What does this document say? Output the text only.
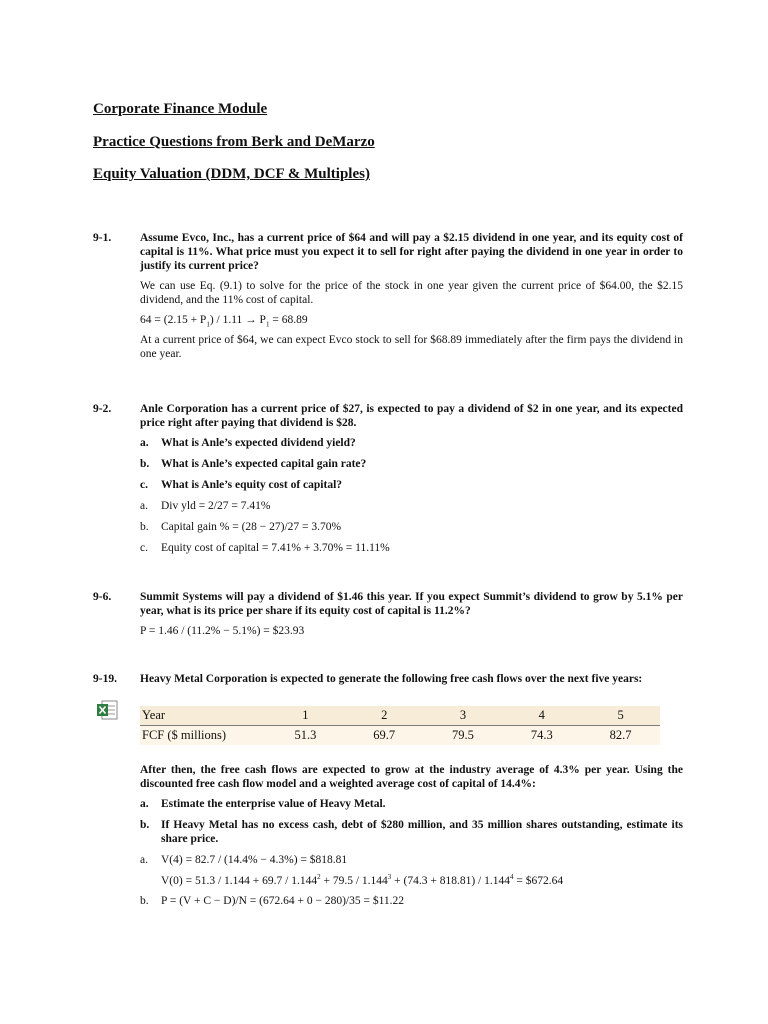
Corporate Finance Module
Practice Questions from Berk and DeMarzo
Equity Valuation (DDM, DCF & Multiples)
9-1.	Assume Evco, Inc., has a current price of $64 and will pay a $2.15 dividend in one year, and its equity cost of capital is 11%. What price must you expect it to sell for right after paying the dividend in one year in order to justify its current price?

We can use Eq. (9.1) to solve for the price of the stock in one year given the current price of $64.00, the $2.15 dividend, and the 11% cost of capital.

$64 = (2.15 + P_1) / 1.11 \to P_1 = 68.89$

At a current price of $64, we can expect Evco stock to sell for $68.89 immediately after the firm pays the dividend in one year.

9-2.	Anle Corporation has a current price of $27, is expected to pay a dividend of $2 in one year, and its expected price right after paying that dividend is $28.

a.	What is Anle’s expected dividend yield?
b.	What is Anle’s expected capital gain rate?
c.	What is Anle’s equity cost of capital?
a.	Div yld = 2/27 = 7.41%
b.	Capital gain % = (28 − 27)/27 = 3.70%
c.	Equity cost of capital = 7.41% + 3.70% = 11.11%
9-6.	Summit Systems will pay a dividend of $1.46 this year. If you expect Summit’s dividend to grow by 5.1% per year, what is its price per share if its equity cost of capital is 11.2%?

P = 1.46 / (11.2% − 5.1%) = $23.93

9-19. Heavy Metal Corporation is expected to generate the following free cash flows over the next five years:

Year	1	2	3	4	5
FCF ($ millions)	51.3	69.7	79.5	74.3	82.7

After then, the free cash flows are expected to grow at the industry average of 4.3% per year. Using the discounted free cash flow model and a weighted average cost of capital of 14.4%:

a.	Estimate the enterprise value of Heavy Metal.
b.	If Heavy Metal has no excess cash, debt of $280 million, and 35 million shares outstanding, estimate its share price.
a.	V(4) = 82.7 / (14.4% − 4.3%) = $818.81
$V(0) = 51.3 / 1.144 + 69.7 / 1.144^2 + 79.5 / 1.144^3 + (74.3 + 818.81) / 1.144^4$ = $672.64
b.	P = (V + C − D)/N = (672.64 + 0 − 280)/35 = $11.22
